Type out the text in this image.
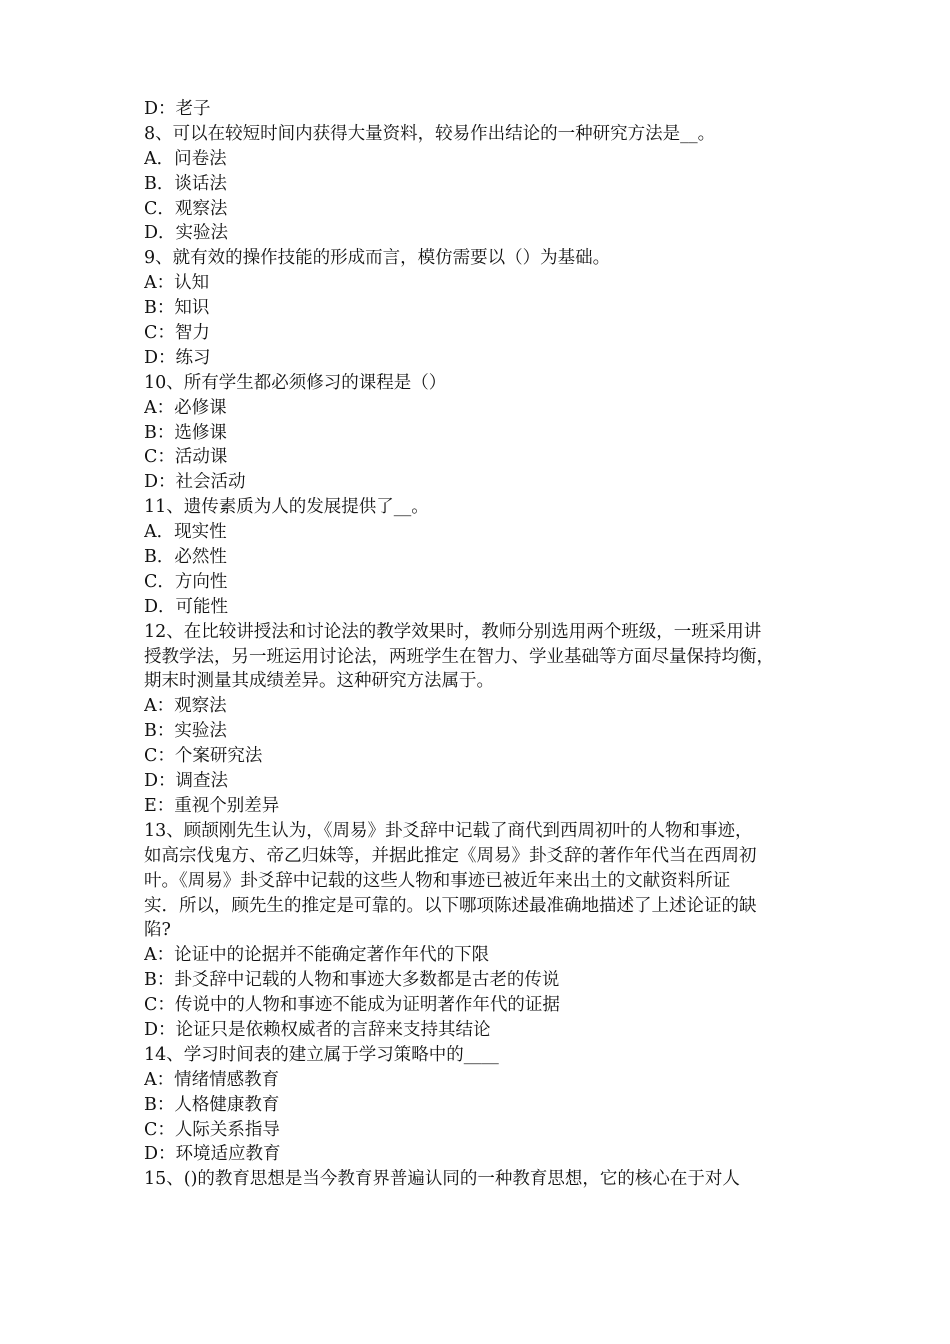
D：老子
8、可以在较短时间内获得大量资料，较易作出结论的一种研究方法是__。
A．问卷法
B．谈话法
C．观察法
D．实验法
9、就有效的操作技能的形成而言，模仿需要以（）为基础。
A：认知
B：知识
C：智力
D：练习
10、所有学生都必须修习的课程是（）
A：必修课
B：选修课
C：活动课
D：社会活动
11、遗传素质为人的发展提供了__。
A．现实性
B．必然性
C．方向性
D．可能性
12、在比较讲授法和讨论法的教学效果时，教师分别选用两个班级，一班采用讲
授教学法，另一班运用讨论法，两班学生在智力、学业基础等方面尽量保持均衡，
期末时测量其成绩差异。这种研究方法属于。
A：观察法
B：实验法
C：个案研究法
D：调查法
E：重视个别差异
13、顾颉刚先生认为，《周易》卦爻辞中记载了商代到西周初叶的人物和事迹，
如高宗伐鬼方、帝乙归妹等，并据此推定《周易》卦爻辞的著作年代当在西周初
叶。《周易》卦爻辞中记载的这些人物和事迹已被近年来出土的文献资料所证
实．所以，顾先生的推定是可靠的。以下哪项陈述最准确地描述了上述论证的缺
陷?
A：论证中的论据并不能确定著作年代的下限
B：卦爻辞中记载的人物和事迹大多数都是古老的传说
C：传说中的人物和事迹不能成为证明著作年代的证据
D：论证只是依赖权威者的言辞来支持其结论
14、学习时间表的建立属于学习策略中的____
A：情绪情感教育
B：人格健康教育
C：人际关系指导
D：环境适应教育
15、()的教育思想是当今教育界普遍认同的一种教育思想，它的核心在于对人
